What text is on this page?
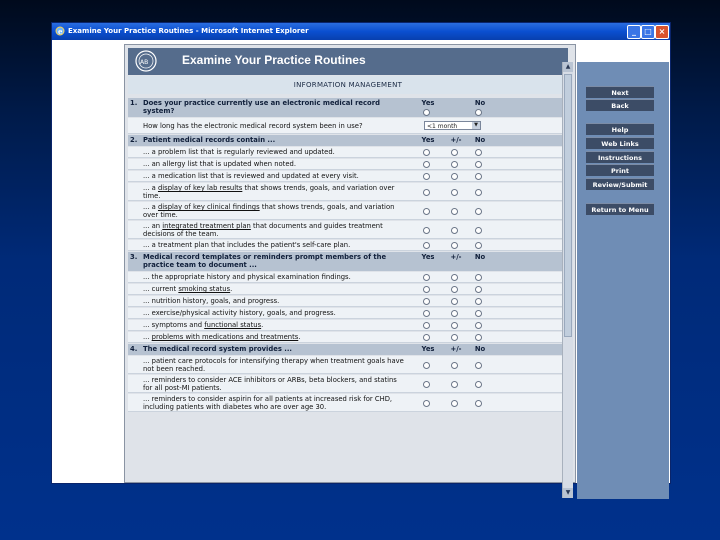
e Examine Your Practice Routines - Microsoft Internet Explorer	_	□ ×
AB	Examine Your Practice Routines
INFORMATION MANAGEMENT
1. Does your practice currently use an electronic medical record system?
Yes	No
How long has the electronic medical record system been in use?	<1 month	▼
2. Patient medical records contain ...	Yes	+/-	No
... a problem list that is regularly reviewed and updated.
... an allergy list that is updated when noted.
... a medication list that is reviewed and updated at every visit.
... a display of key lab results that shows trends, goals, and variation over time.
... a display of key clinical findings that shows trends, goals, and variation over time.
... an integrated treatment plan that documents and guides treatment decisions of the team.
... a treatment plan that includes the patient's self-care plan.
3. Medical record templates or reminders prompt members of the practice team to document ...
Yes	+/-	No
... the appropriate history and physical examination findings.
... current smoking status.
... nutrition history, goals, and progress.
... exercise/physical activity history, goals, and progress.
... symptoms and functional status.
... problems with medications and treatments.
4. The medical record system provides ...	Yes	+/-	No
... patient care protocols for intensifying therapy when treatment goals have not been reached.
... reminders to consider ACE inhibitors or ARBs, beta blockers, and statins for all post-MI patients.
... reminders to consider aspirin for all patients at increased risk for CHD, including patients with diabetes who are over age 30.
▲
▼
Next
Back
Help
Web Links
Instructions
Print
Review/Submit
Return to Menu
